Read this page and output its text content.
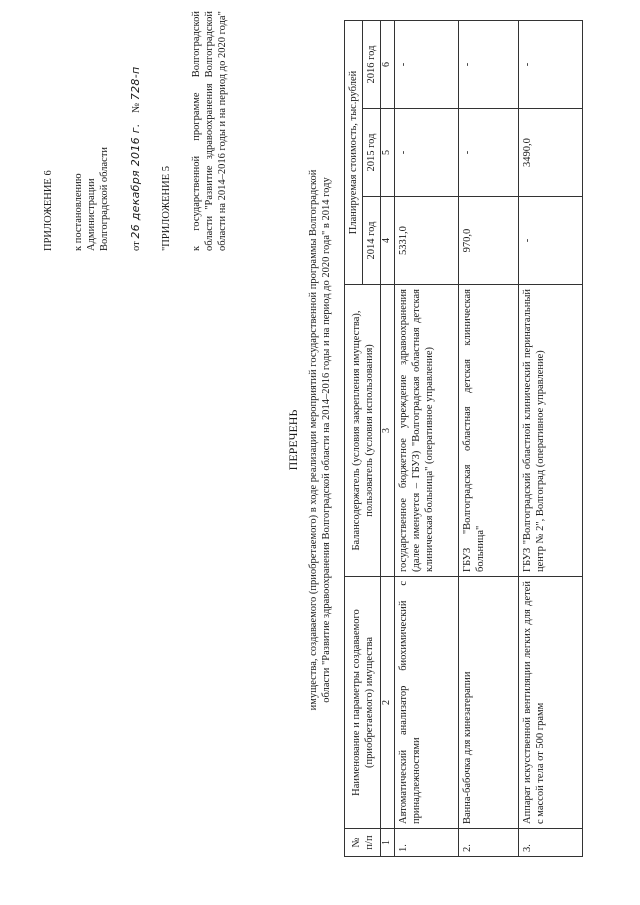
ПРИЛОЖЕНИЕ 6 к постановлению Администрации Волгоградской области от 26 декабря 2016 г.    № 728-п
"ПРИЛОЖЕНИЕ 5 к государственной программе Волгоградской области "Развитие здравоохранения Волгоградской области на 2014–2016 годы и на период до 2020 года"
ПЕРЕЧЕНЬ имущества, создаваемого (приобретаемого) в ходе реализации мероприятий государственной программы Волгоградской области "Развитие здравоохранения Волгоградской области на 2014–2016 годы и на период до 2020 года" в 2014 году
№ п/п	Наименование и параметры создаваемого (приобретаемого) имущества	Балансодержатель (условия закрепления имущества), пользователь (условия использования)	Планируемая стоимость, тыс.рублей		
			2014 год	2015 год	2016 год
1	2	3	4	5	6
1.	Автоматический анализатор биохимический с принадлежностями	государственное бюджетное учреждение здравоохранения (далее именуется – ГБУЗ) "Волгоградская областная детская клиническая больница" (оперативное управление)	5331,0	-	-
2.	Ванна-бабочка для кинезатерапии	ГБУЗ "Волгоградская областная детская клиническая больница"	970,0	-	-
3.	Аппарат искусственной вентиляции легких для детей с массой тела от 500 грамм	ГБУЗ "Волгоградский областной клинический перинатальный центр № 2", Волгоград (оперативное управление)	-	3490,0	-
